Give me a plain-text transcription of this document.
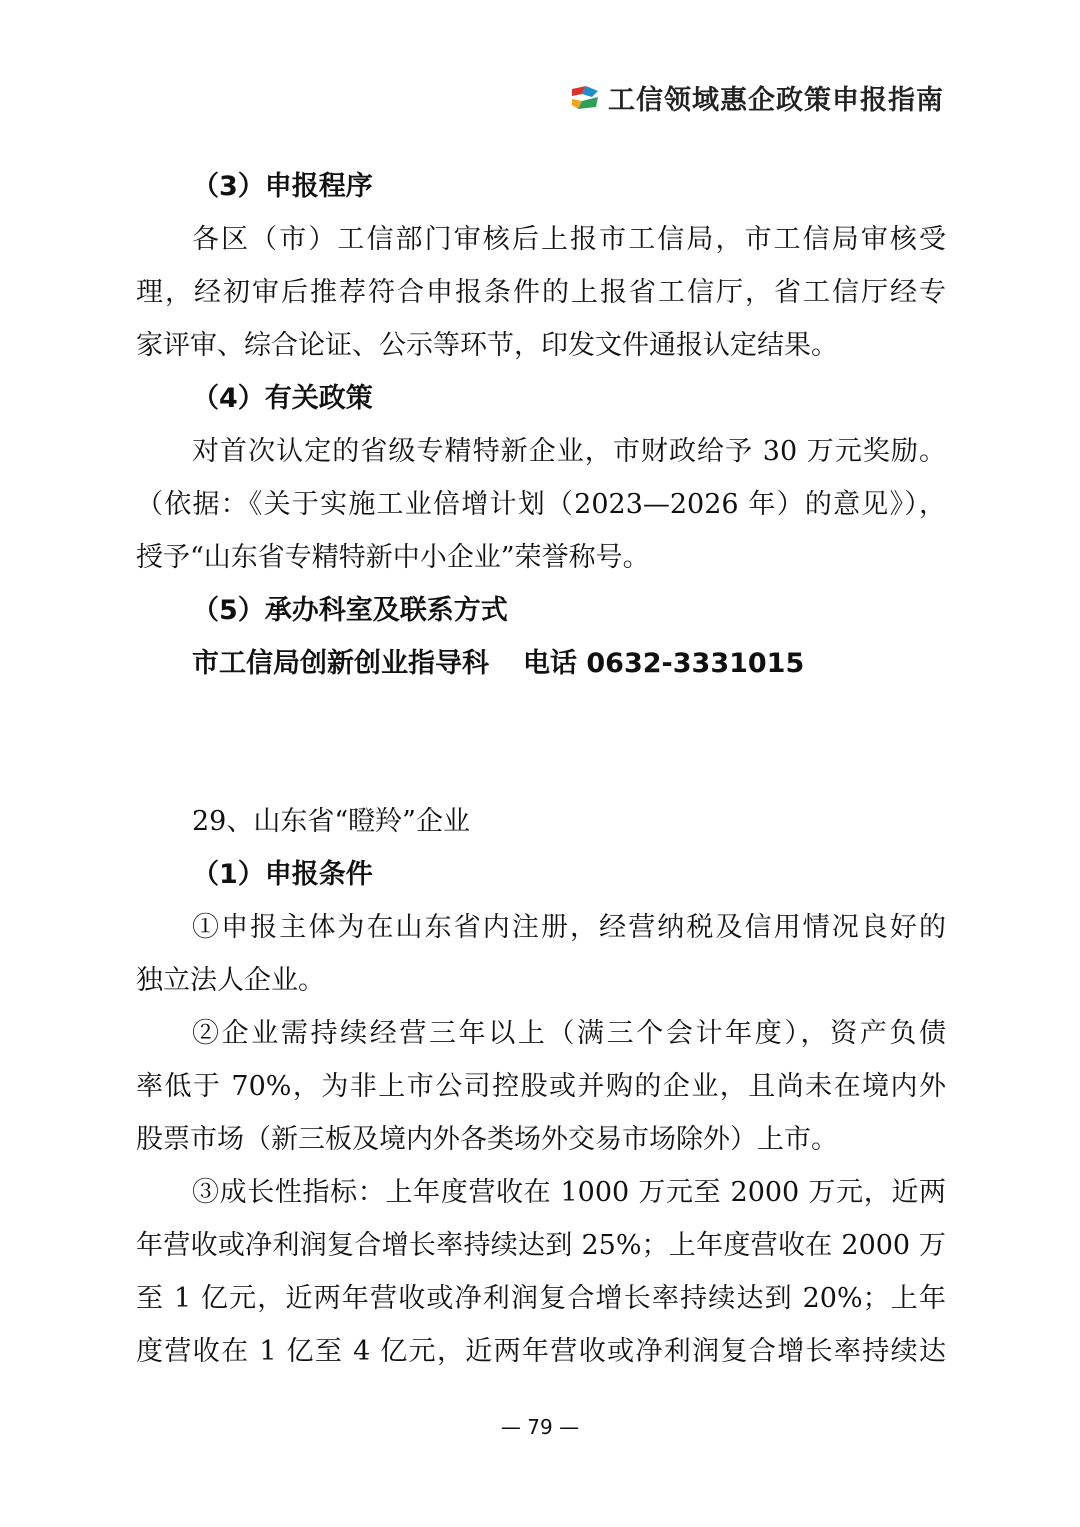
工信领域惠企政策申报指南

（3）申报程序

各区（市）工信部门审核后上报市工信局，市工信局审核受

理，经初审后推荐符合申报条件的上报省工信厅，省工信厅经专

家评审、综合论证、公示等环节，印发文件通报认定结果。

（4）有关政策

对首次认定的省级专精特新企业，市财政给予 30 万元奖励。

（依据：《关于实施工业倍增计划（2023—2026 年）的意见》），

授予“山东省专精特新中小企业”荣誉称号。

（5）承办科室及联系方式

市工信局创新创业指导科 电话 0632-3331015

29、山东省“瞪羚”企业

（1）申报条件

①申报主体为在山东省内注册，经营纳税及信用情况良好的

独立法人企业。

②企业需持续经营三年以上（满三个会计年度），资产负债

率低于 70%，为非上市公司控股或并购的企业，且尚未在境内外

股票市场（新三板及境内外各类场外交易市场除外）上市。

③成长性指标：上年度营收在 1000 万元至 2000 万元，近两

年营收或净利润复合增长率持续达到 25%；上年度营收在 2000 万

至 1 亿元，近两年营收或净利润复合增长率持续达到 20%；上年

度营收在 1 亿至 4 亿元，近两年营收或净利润复合增长率持续达

— 79 —
